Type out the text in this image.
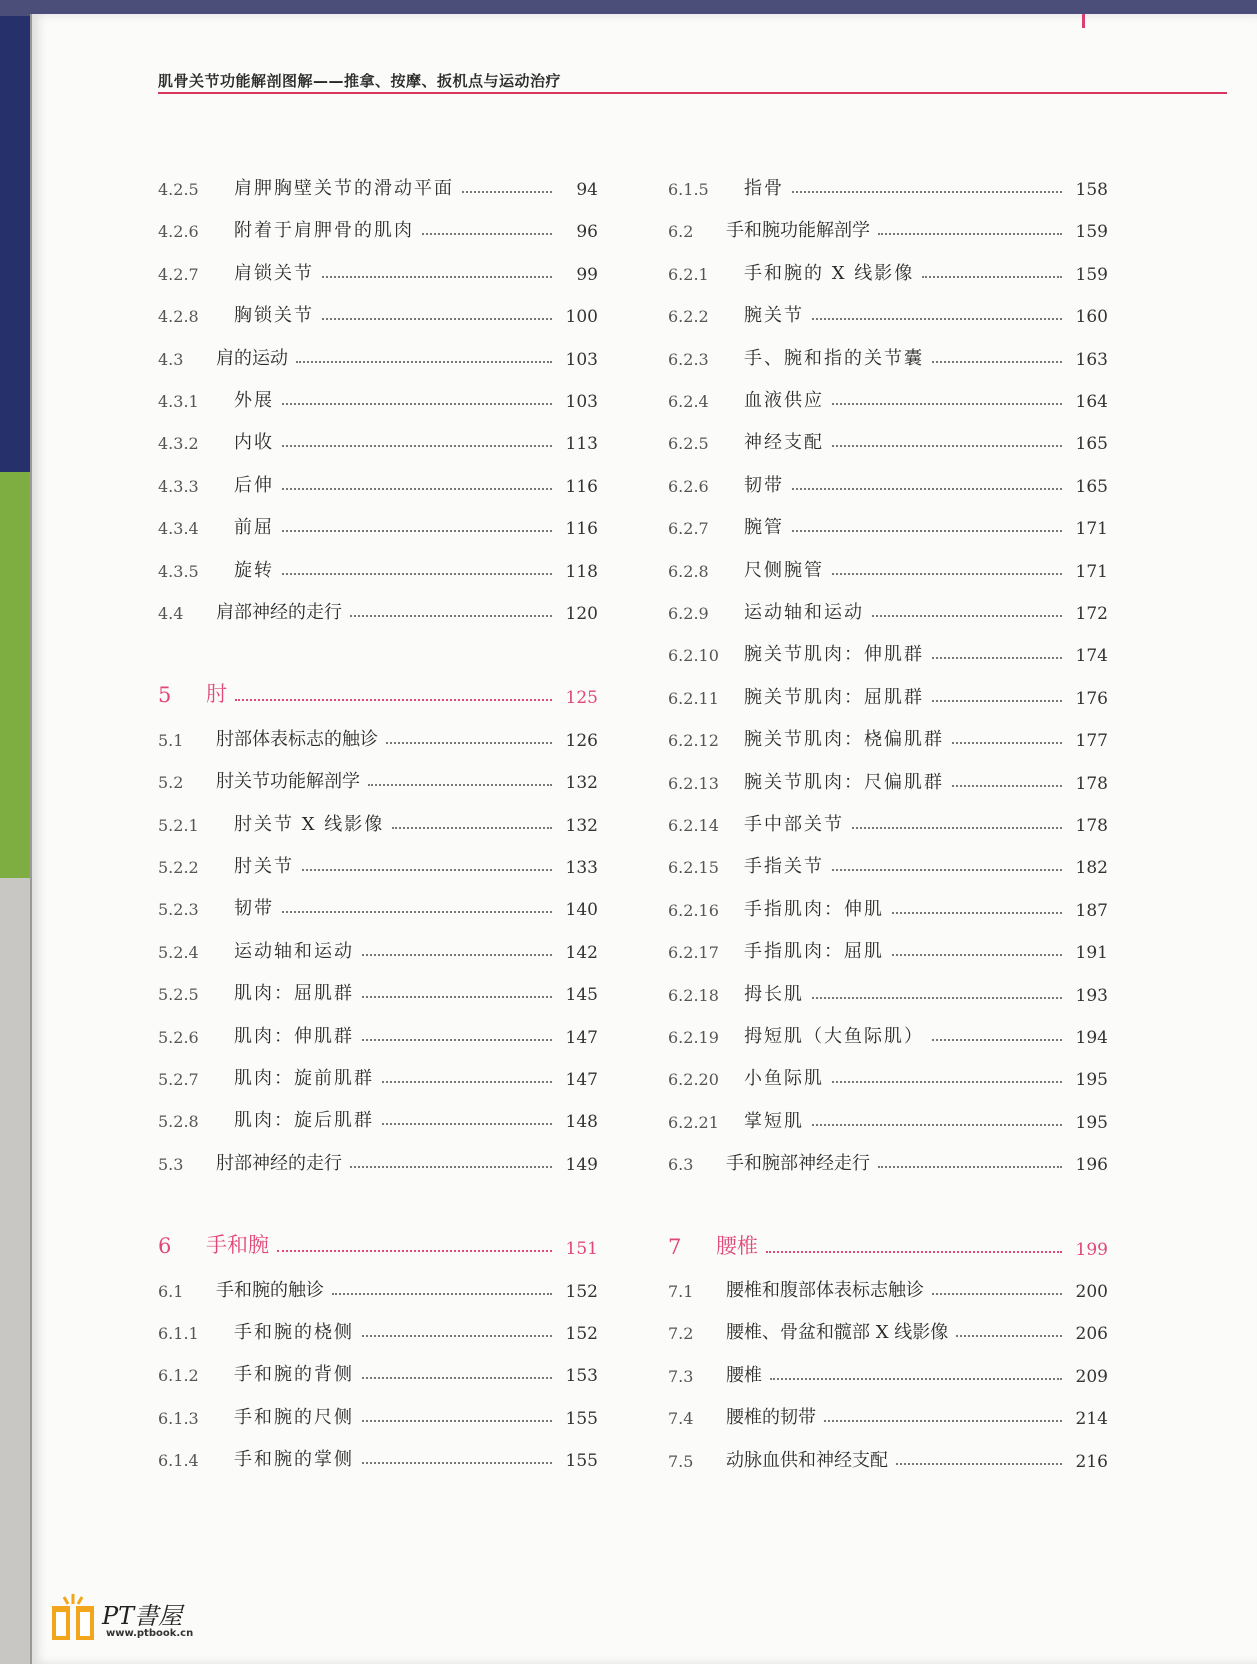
肌骨关节功能解剖图解——推拿、按摩、扳机点与运动治疗
4.2.5	肩胛胸壁关节的滑动平面	94
4.2.6	附着于肩胛骨的肌肉	96
4.2.7	肩锁关节	99
4.2.8	胸锁关节	100
4.3	肩的运动	103
4.3.1	外展	103
4.3.2	内收	113
4.3.3	后伸	116
4.3.4	前屈	116
4.3.5	旋转	118
4.4	肩部神经的走行	120
5	肘	125
5.1	肘部体表标志的触诊	126
5.2	肘关节功能解剖学	132
5.2.1	肘关节 X 线影像	132
5.2.2	肘关节	133
5.2.3	韧带	140
5.2.4	运动轴和运动	142
5.2.5	肌肉：屈肌群	145
5.2.6	肌肉：伸肌群	147
5.2.7	肌肉：旋前肌群	147
5.2.8	肌肉：旋后肌群	148
5.3	肘部神经的走行	149
6	手和腕	151
6.1	手和腕的触诊	152
6.1.1	手和腕的桡侧	152
6.1.2	手和腕的背侧	153
6.1.3	手和腕的尺侧	155
6.1.4	手和腕的掌侧	155
6.1.5	指骨	158
6.2	手和腕功能解剖学	159
6.2.1	手和腕的 X 线影像	159
6.2.2	腕关节	160
6.2.3	手、腕和指的关节囊	163
6.2.4	血液供应	164
6.2.5	神经支配	165
6.2.6	韧带	165
6.2.7	腕管	171
6.2.8	尺侧腕管	171
6.2.9	运动轴和运动	172
6.2.10	腕关节肌肉：伸肌群	174
6.2.11	腕关节肌肉：屈肌群	176
6.2.12	腕关节肌肉：桡偏肌群	177
6.2.13	腕关节肌肉：尺偏肌群	178
6.2.14	手中部关节	178
6.2.15	手指关节	182
6.2.16	手指肌肉：伸肌	187
6.2.17	手指肌肉：屈肌	191
6.2.18	拇长肌	193
6.2.19	拇短肌（大鱼际肌）	194
6.2.20	小鱼际肌	195
6.2.21	掌短肌	195
6.3	手和腕部神经走行	196
7	腰椎	199
7.1	腰椎和腹部体表标志触诊	200
7.2	腰椎、骨盆和髋部 X 线影像	206
7.3	腰椎	209
7.4	腰椎的韧带	214
7.5	动脉血供和神经支配	216
PT書屋
www.ptbook.cn
